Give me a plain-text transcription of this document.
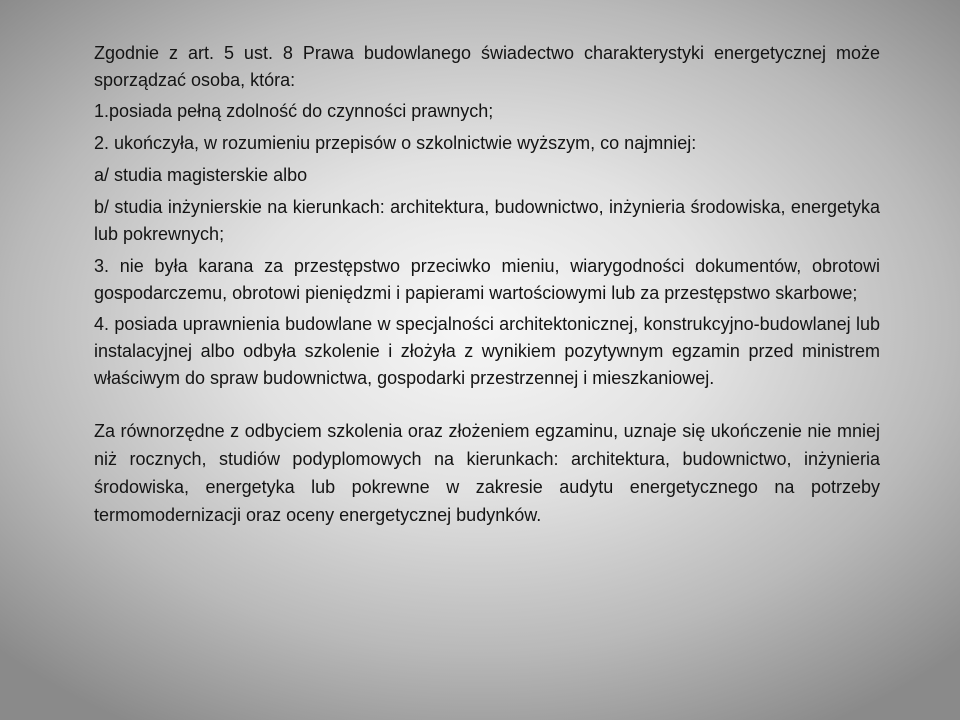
Zgodnie z art. 5 ust. 8 Prawa budowlanego świadectwo charakterystyki energetycznej może sporządzać osoba, która:

1.posiada pełną zdolność do czynności prawnych;

2. ukończyła, w rozumieniu przepisów o szkolnictwie wyższym, co najmniej:

a/ studia magisterskie albo

b/ studia inżynierskie na kierunkach: architektura, budownictwo, inżynieria środowiska, energetyka lub pokrewnych;

3. nie była karana za przestępstwo przeciwko mieniu, wiarygodności dokumentów, obrotowi gospodarczemu, obrotowi pieniędzmi i papierami wartościowymi lub za przestępstwo skarbowe;

4. posiada uprawnienia budowlane w specjalności architektonicznej, konstrukcyjno-budowlanej lub instalacyjnej albo odbyła szkolenie i złożyła z wynikiem pozytywnym egzamin przed ministrem właściwym do spraw budownictwa, gospodarki przestrzennej i mieszkaniowej.

Za równorzędne z odbyciem szkolenia oraz złożeniem egzaminu, uznaje się ukończenie nie mniej niż rocznych, studiów podyplomowych na kierunkach: architektura, budownictwo, inżynieria środowiska, energetyka lub pokrewne w zakresie audytu energetycznego na potrzeby termomodernizacji oraz oceny energetycznej budynków.
